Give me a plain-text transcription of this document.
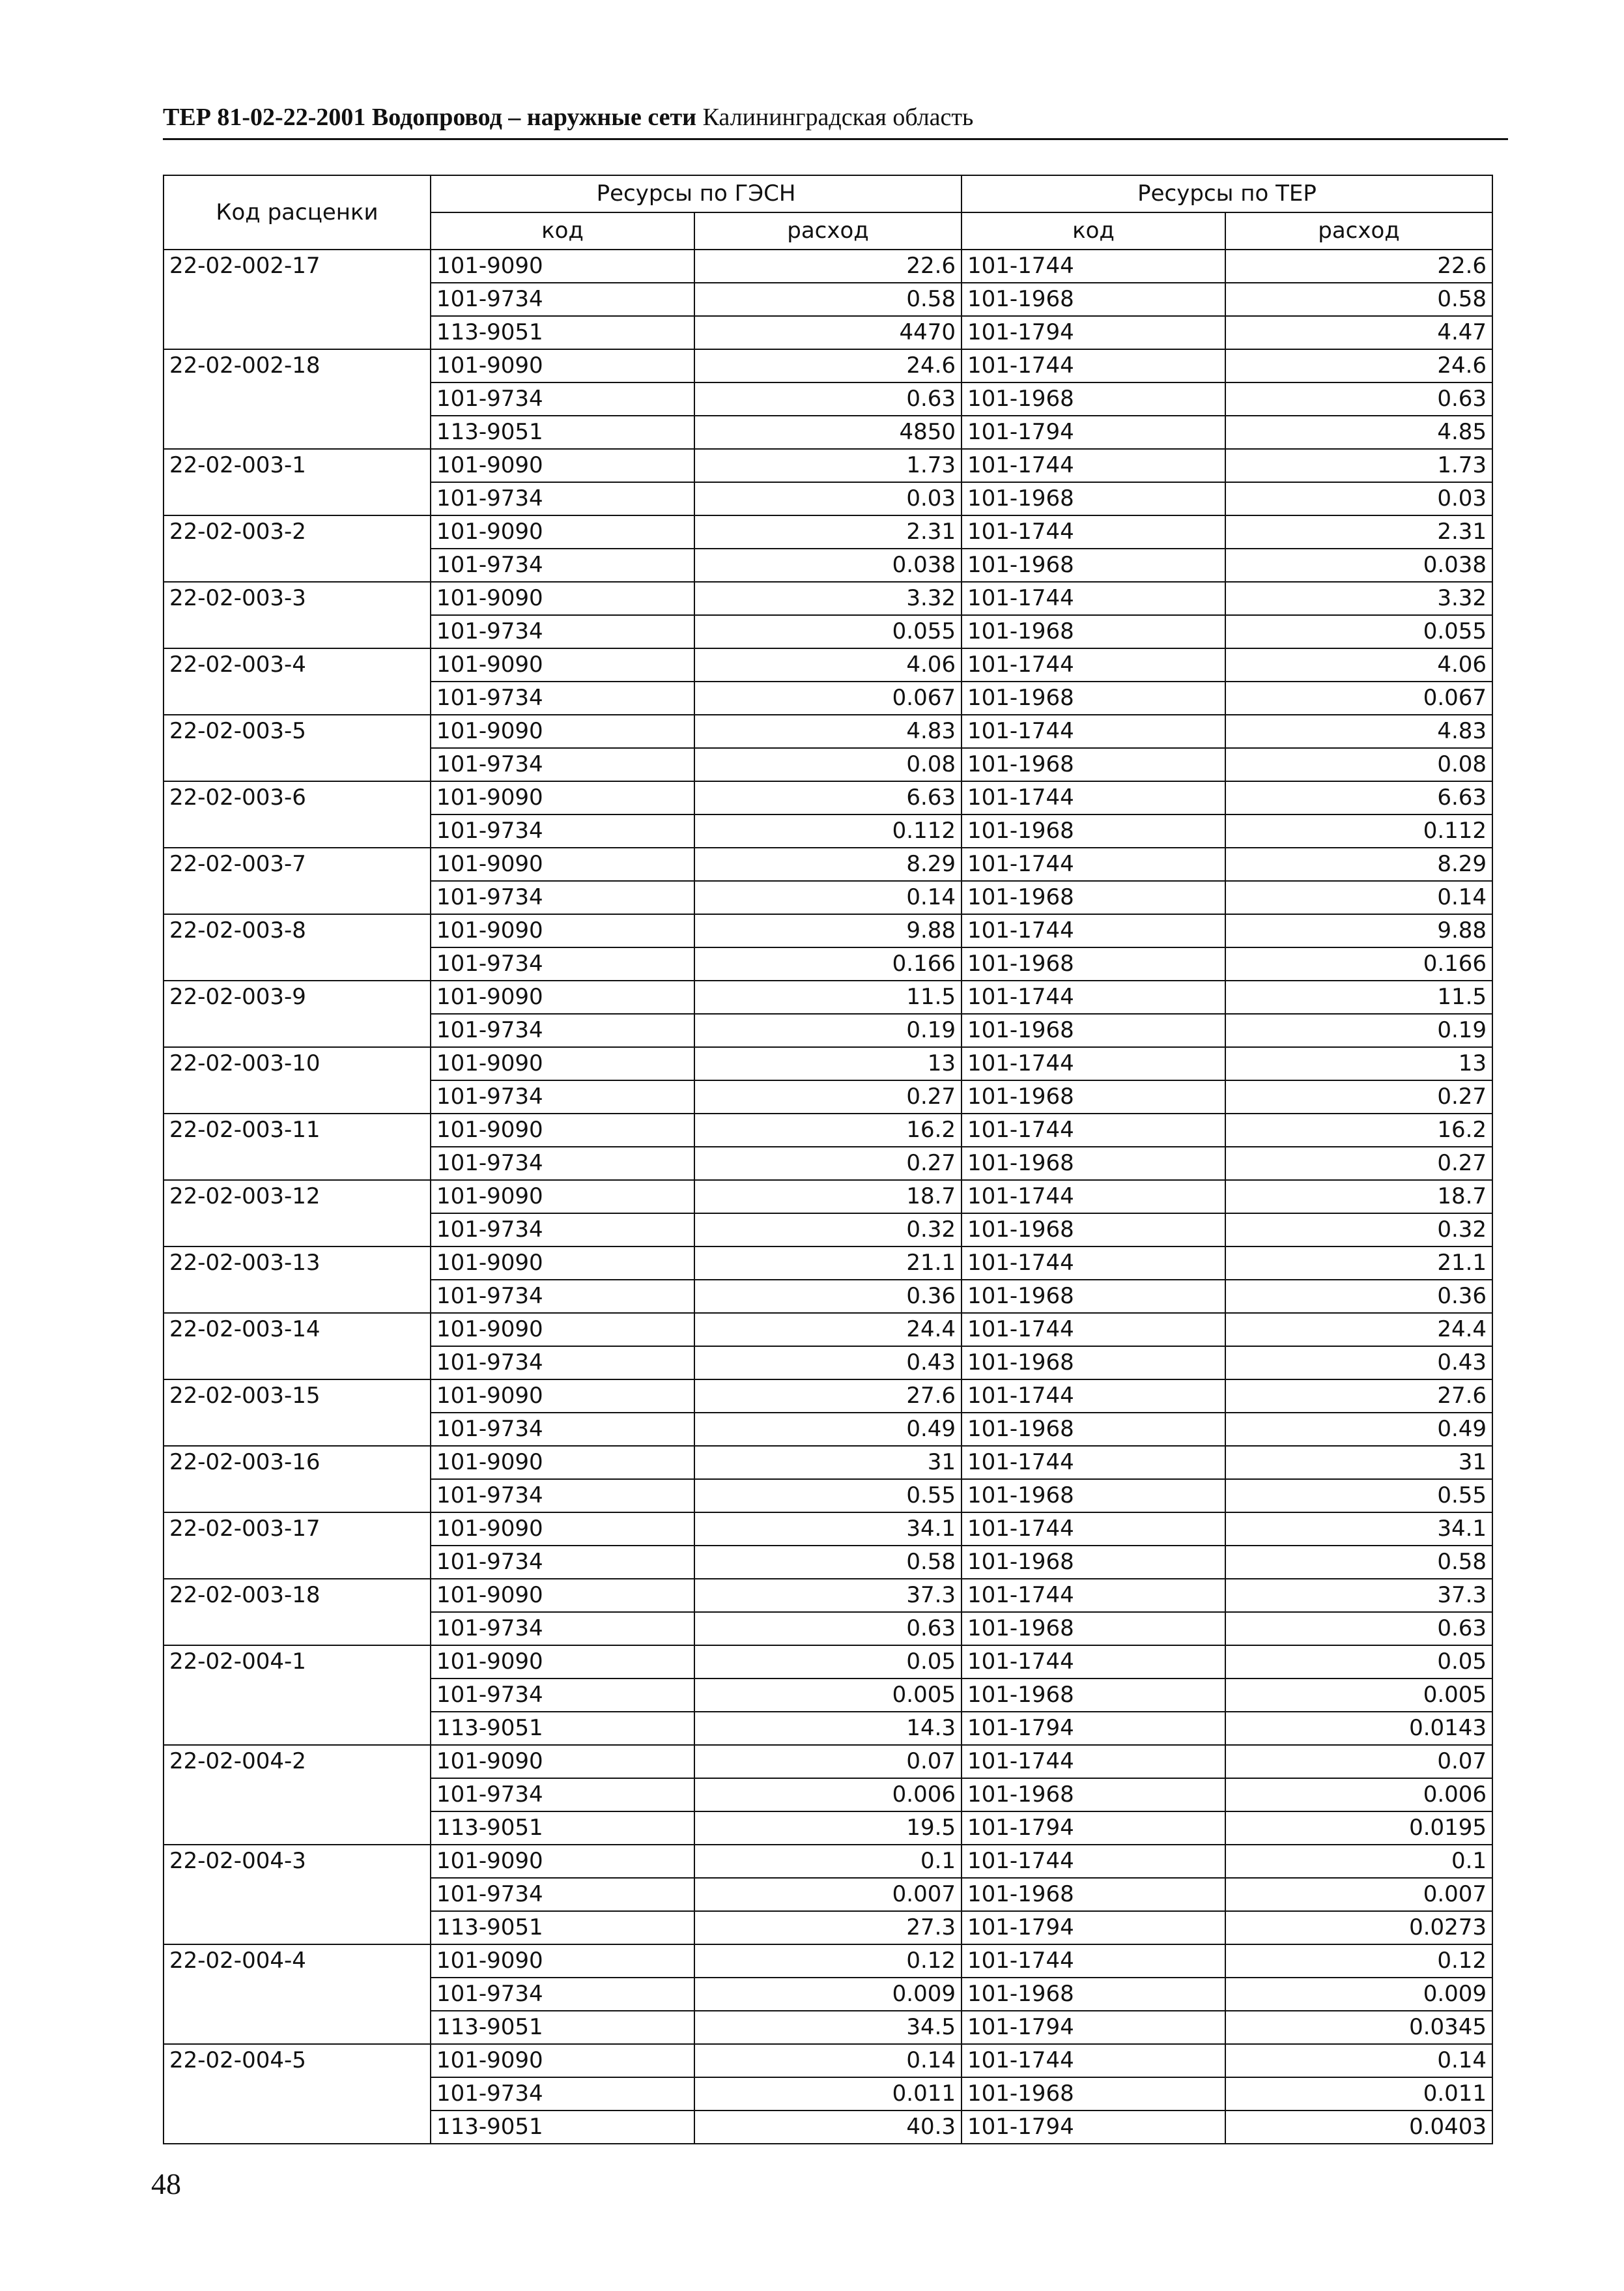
ТЕР 81-02-22-2001 Водопровод – наружные сети Калининградская область
Код расценки	Ресурсы по ГЭСН		Ресурсы по ТЕР	
	код	расход	код	расход
22-02-002-17	101-9090	22.6	101-1744	22.6
	101-9734	0.58	101-1968	0.58
	113-9051	4470	101-1794	4.47
22-02-002-18	101-9090	24.6	101-1744	24.6
	101-9734	0.63	101-1968	0.63
	113-9051	4850	101-1794	4.85
22-02-003-1	101-9090	1.73	101-1744	1.73
	101-9734	0.03	101-1968	0.03
22-02-003-2	101-9090	2.31	101-1744	2.31
	101-9734	0.038	101-1968	0.038
22-02-003-3	101-9090	3.32	101-1744	3.32
	101-9734	0.055	101-1968	0.055
22-02-003-4	101-9090	4.06	101-1744	4.06
	101-9734	0.067	101-1968	0.067
22-02-003-5	101-9090	4.83	101-1744	4.83
	101-9734	0.08	101-1968	0.08
22-02-003-6	101-9090	6.63	101-1744	6.63
	101-9734	0.112	101-1968	0.112
22-02-003-7	101-9090	8.29	101-1744	8.29
	101-9734	0.14	101-1968	0.14
22-02-003-8	101-9090	9.88	101-1744	9.88
	101-9734	0.166	101-1968	0.166
22-02-003-9	101-9090	11.5	101-1744	11.5
	101-9734	0.19	101-1968	0.19
22-02-003-10	101-9090	13	101-1744	13
	101-9734	0.27	101-1968	0.27
22-02-003-11	101-9090	16.2	101-1744	16.2
	101-9734	0.27	101-1968	0.27
22-02-003-12	101-9090	18.7	101-1744	18.7
	101-9734	0.32	101-1968	0.32
22-02-003-13	101-9090	21.1	101-1744	21.1
	101-9734	0.36	101-1968	0.36
22-02-003-14	101-9090	24.4	101-1744	24.4
	101-9734	0.43	101-1968	0.43
22-02-003-15	101-9090	27.6	101-1744	27.6
	101-9734	0.49	101-1968	0.49
22-02-003-16	101-9090	31	101-1744	31
	101-9734	0.55	101-1968	0.55
22-02-003-17	101-9090	34.1	101-1744	34.1
	101-9734	0.58	101-1968	0.58
22-02-003-18	101-9090	37.3	101-1744	37.3
	101-9734	0.63	101-1968	0.63
22-02-004-1	101-9090	0.05	101-1744	0.05
	101-9734	0.005	101-1968	0.005
	113-9051	14.3	101-1794	0.0143
22-02-004-2	101-9090	0.07	101-1744	0.07
	101-9734	0.006	101-1968	0.006
	113-9051	19.5	101-1794	0.0195
22-02-004-3	101-9090	0.1	101-1744	0.1
	101-9734	0.007	101-1968	0.007
	113-9051	27.3	101-1794	0.0273
22-02-004-4	101-9090	0.12	101-1744	0.12
	101-9734	0.009	101-1968	0.009
	113-9051	34.5	101-1794	0.0345
22-02-004-5	101-9090	0.14	101-1744	0.14
	101-9734	0.011	101-1968	0.011
	113-9051	40.3	101-1794	0.0403
48
